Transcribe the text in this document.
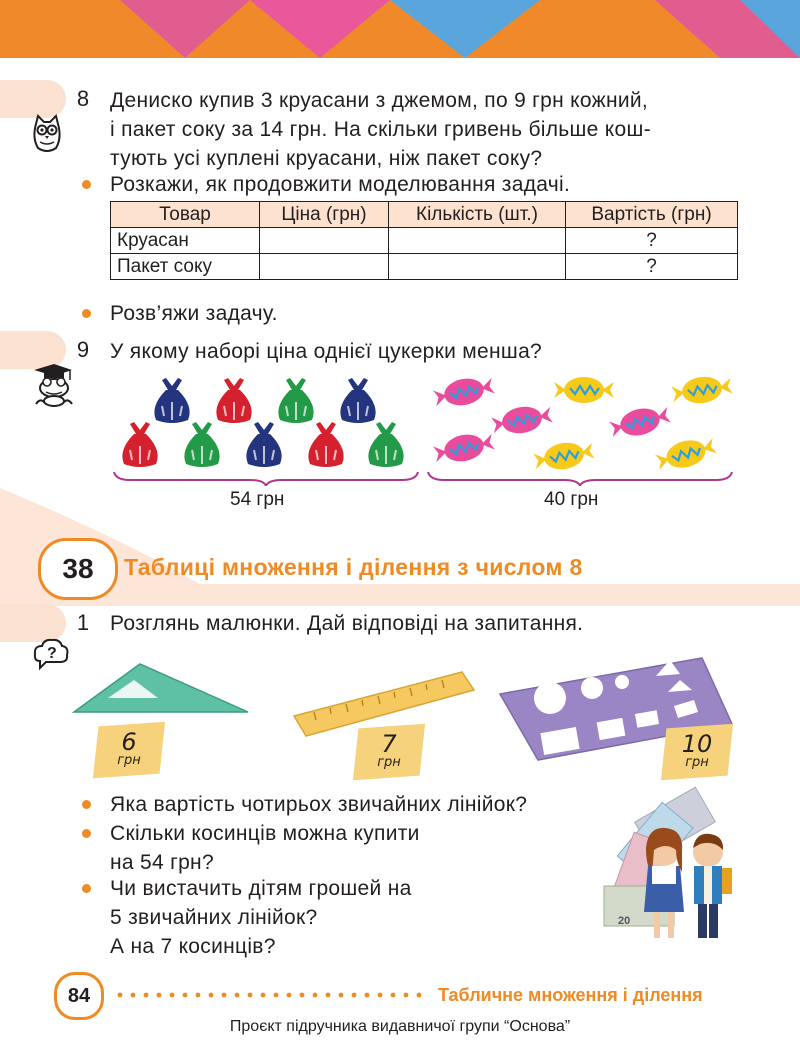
8 Дениско купив 3 круасани з джемом, по 9 грн кожний,
і пакет соку за 14 грн. На скільки гривень більше кош-
тують усі куплені круасани, ніж пакет соку?
Розкажи, як продовжити моделювання задачі.
Товар	Ціна (грн)	Кількість (шт.)	Вартість (грн)
Круасан			?
Пакет соку			?
Розв’яжи задачу.
9 У якому наборі ціна однієї цукерки менша?
54 грн	40 грн
38	Таблиці множення і ділення з числом 8
1
?
Розглянь малюнки. Дай відповіді на запитання.
6
грн
7
грн
10
грн
Яка вартість чотирьох звичайних лінійок?
Скільки косинців можна купити
на 54 грн?
Чи вистачить дітям грошей на
5 звичайних лінійок?
А на 7 косинців?
20
84	Табличне множення і ділення
Проєкт підручника видавничої групи “Основа”
